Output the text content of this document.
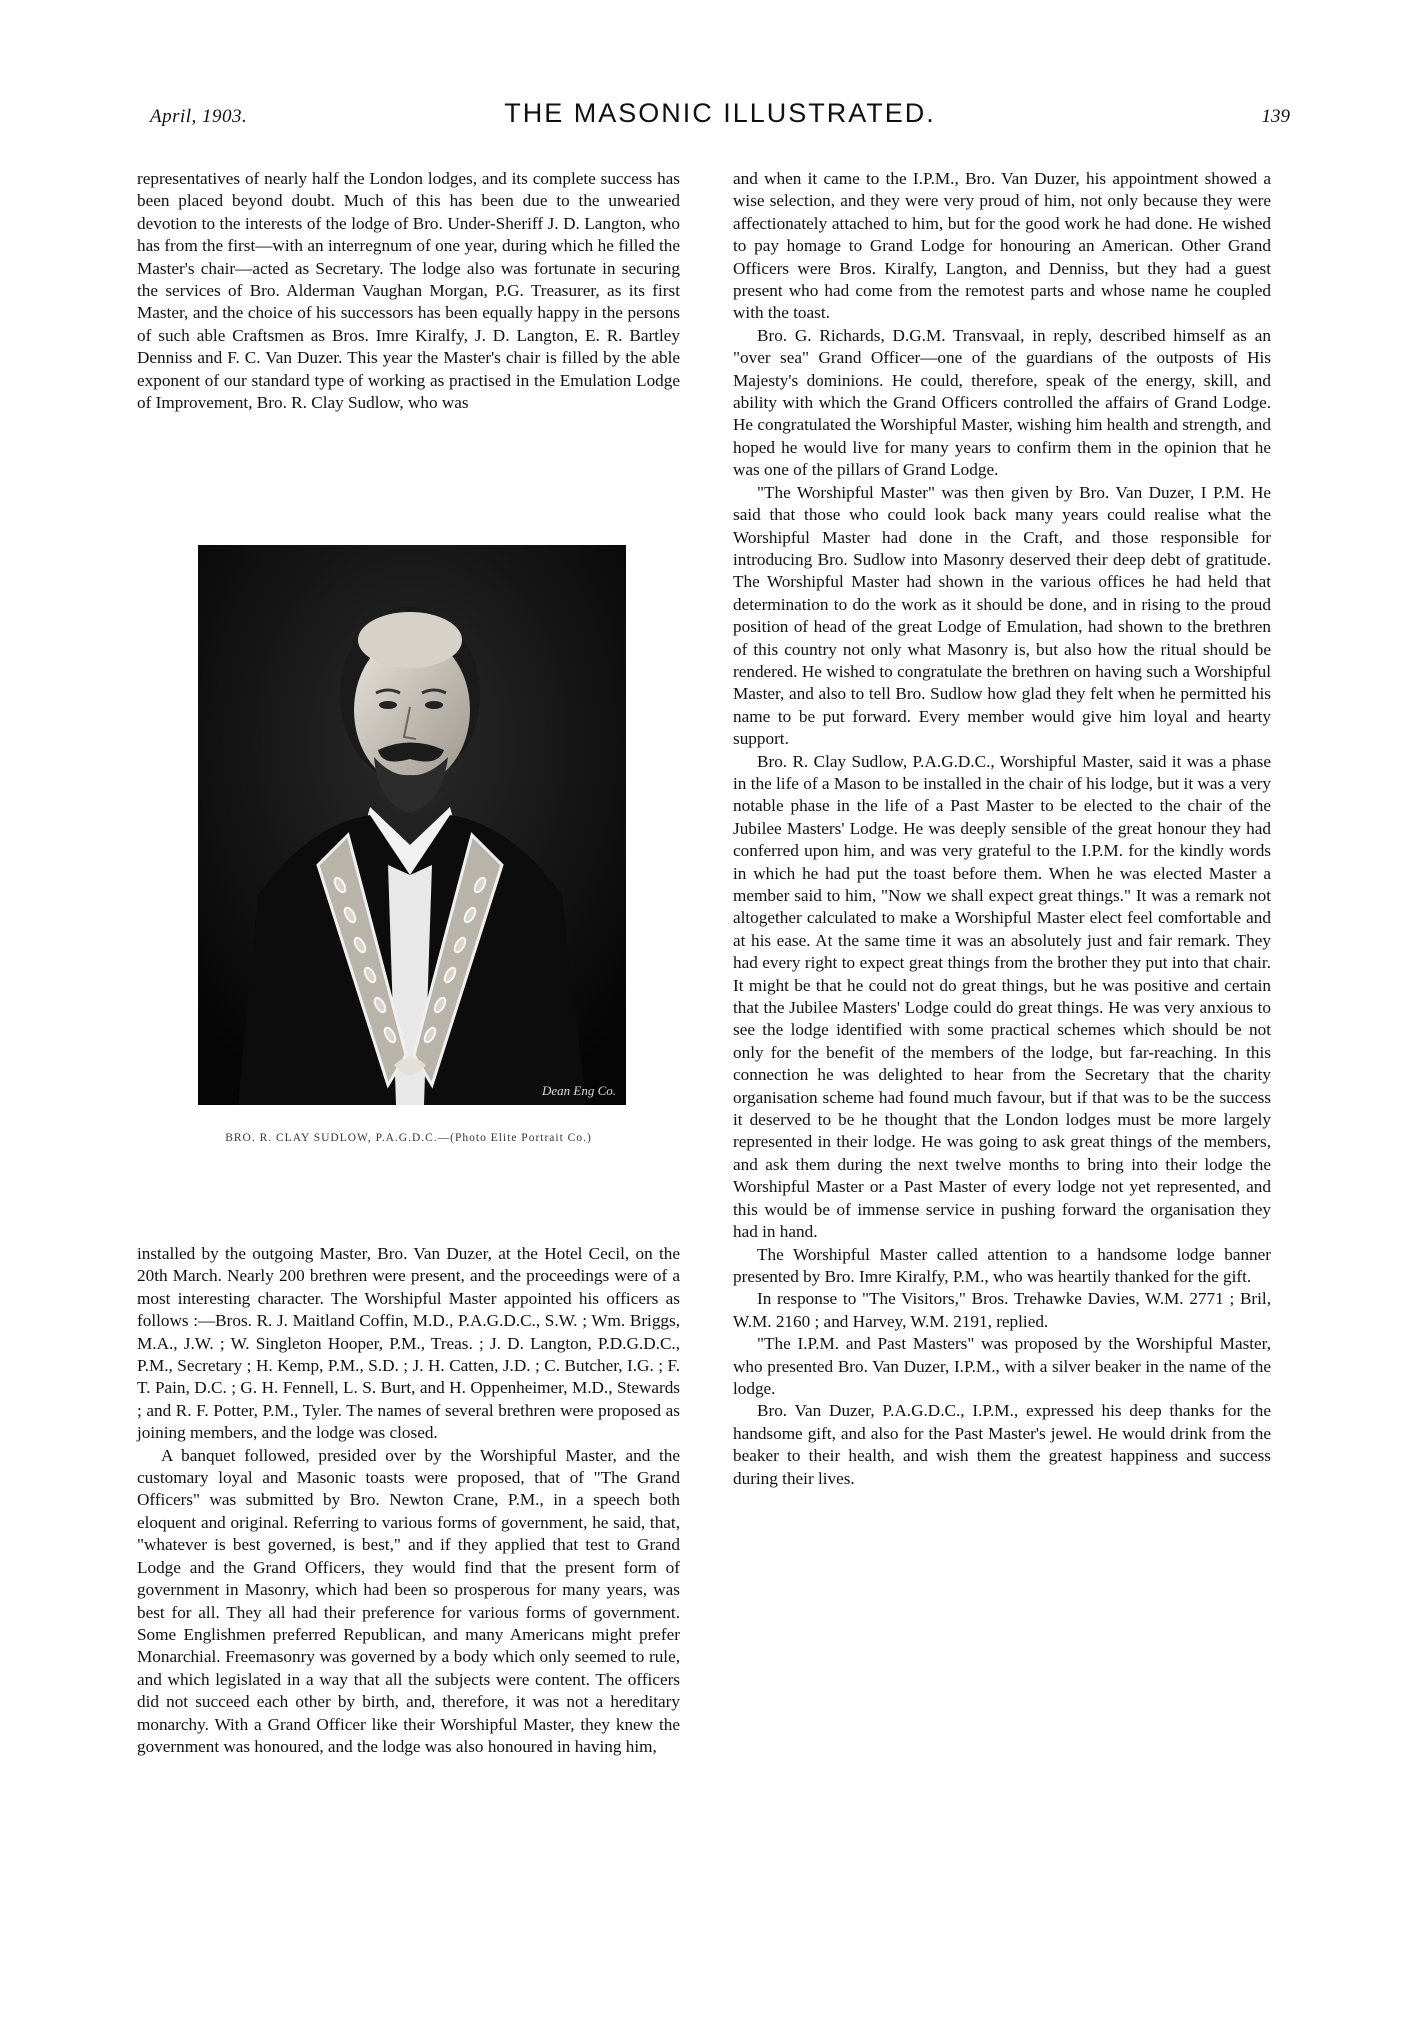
April, 1903.	THE MASONIC ILLUSTRATED.	139

representatives of nearly half the London lodges, and its complete success has been placed beyond doubt. Much of this has been due to the unwearied devotion to the interests of the lodge of Bro. Under-Sheriff J. D. Langton, who has from the first—with an interregnum of one year, during which he filled the Master's chair—acted as Secretary. The lodge also was fortunate in securing the services of Bro. Alderman Vaughan Morgan, P.G. Treasurer, as its first Master, and the choice of his successors has been equally happy in the persons of such able Craftsmen as Bros. Imre Kiralfy, J. D. Langton, E. R. Bartley Denniss and F. C. Van Duzer. This year the Master's chair is filled by the able exponent of our standard type of working as practised in the Emulation Lodge of Improvement, Bro. R. Clay Sudlow, who was

Dean Eng Co.
BRO. R. CLAY SUDLOW, P.A.G.D.C.—(Photo Elite Portrait Co.)

installed by the outgoing Master, Bro. Van Duzer, at the Hotel Cecil, on the 20th March. Nearly 200 brethren were present, and the proceedings were of a most interesting character. The Worshipful Master appointed his officers as follows :—Bros. R. J. Maitland Coffin, M.D., P.A.G.D.C., S.W. ; Wm. Briggs, M.A., J.W. ; W. Singleton Hooper, P.M., Treas. ; J. D. Langton, P.D.G.D.C., P.M., Secretary ; H. Kemp, P.M., S.D. ; J. H. Catten, J.D. ; C. Butcher, I.G. ; F. T. Pain, D.C. ; G. H. Fennell, L. S. Burt, and H. Oppenheimer, M.D., Stewards ; and R. F. Potter, P.M., Tyler. The names of several brethren were proposed as joining members, and the lodge was closed.

A banquet followed, presided over by the Worshipful Master, and the customary loyal and Masonic toasts were proposed, that of "The Grand Officers" was submitted by Bro. Newton Crane, P.M., in a speech both eloquent and original. Referring to various forms of government, he said, that, "whatever is best governed, is best," and if they applied that test to Grand Lodge and the Grand Officers, they would find that the present form of government in Masonry, which had been so prosperous for many years, was best for all. They all had their preference for various forms of government. Some Englishmen preferred Republican, and many Americans might prefer Monarchial. Freemasonry was governed by a body which only seemed to rule, and which legislated in a way that all the subjects were content. The officers did not succeed each other by birth, and, therefore, it was not a hereditary monarchy. With a Grand Officer like their Worshipful Master, they knew the government was honoured, and the lodge was also honoured in having him,

and when it came to the I.P.M., Bro. Van Duzer, his appointment showed a wise selection, and they were very proud of him, not only because they were affectionately attached to him, but for the good work he had done. He wished to pay homage to Grand Lodge for honouring an American. Other Grand Officers were Bros. Kiralfy, Langton, and Denniss, but they had a guest present who had come from the remotest parts and whose name he coupled with the toast.

Bro. G. Richards, D.G.M. Transvaal, in reply, described himself as an "over sea" Grand Officer—one of the guardians of the outposts of His Majesty's dominions. He could, therefore, speak of the energy, skill, and ability with which the Grand Officers controlled the affairs of Grand Lodge. He congratulated the Worshipful Master, wishing him health and strength, and hoped he would live for many years to confirm them in the opinion that he was one of the pillars of Grand Lodge.

"The Worshipful Master" was then given by Bro. Van Duzer, I P.M. He said that those who could look back many years could realise what the Worshipful Master had done in the Craft, and those responsible for introducing Bro. Sudlow into Masonry deserved their deep debt of gratitude. The Worshipful Master had shown in the various offices he had held that determination to do the work as it should be done, and in rising to the proud position of head of the great Lodge of Emulation, had shown to the brethren of this country not only what Masonry is, but also how the ritual should be rendered. He wished to congratulate the brethren on having such a Worshipful Master, and also to tell Bro. Sudlow how glad they felt when he permitted his name to be put forward. Every member would give him loyal and hearty support.

Bro. R. Clay Sudlow, P.A.G.D.C., Worshipful Master, said it was a phase in the life of a Mason to be installed in the chair of his lodge, but it was a very notable phase in the life of a Past Master to be elected to the chair of the Jubilee Masters' Lodge. He was deeply sensible of the great honour they had conferred upon him, and was very grateful to the I.P.M. for the kindly words in which he had put the toast before them. When he was elected Master a member said to him, "Now we shall expect great things." It was a remark not altogether calculated to make a Worshipful Master elect feel comfortable and at his ease. At the same time it was an absolutely just and fair remark. They had every right to expect great things from the brother they put into that chair. It might be that he could not do great things, but he was positive and certain that the Jubilee Masters' Lodge could do great things. He was very anxious to see the lodge identified with some practical schemes which should be not only for the benefit of the members of the lodge, but far-reaching. In this connection he was delighted to hear from the Secretary that the charity organisation scheme had found much favour, but if that was to be the success it deserved to be he thought that the London lodges must be more largely represented in their lodge. He was going to ask great things of the members, and ask them during the next twelve months to bring into their lodge the Worshipful Master or a Past Master of every lodge not yet represented, and this would be of immense service in pushing forward the organisation they had in hand.

The Worshipful Master called attention to a handsome lodge banner presented by Bro. Imre Kiralfy, P.M., who was heartily thanked for the gift.

In response to "The Visitors," Bros. Trehawke Davies, W.M. 2771 ; Bril, W.M. 2160 ; and Harvey, W.M. 2191, replied.

"The I.P.M. and Past Masters" was proposed by the Worshipful Master, who presented Bro. Van Duzer, I.P.M., with a silver beaker in the name of the lodge.

Bro. Van Duzer, P.A.G.D.C., I.P.M., expressed his deep thanks for the handsome gift, and also for the Past Master's jewel. He would drink from the beaker to their health, and wish them the greatest happiness and success during their lives.
